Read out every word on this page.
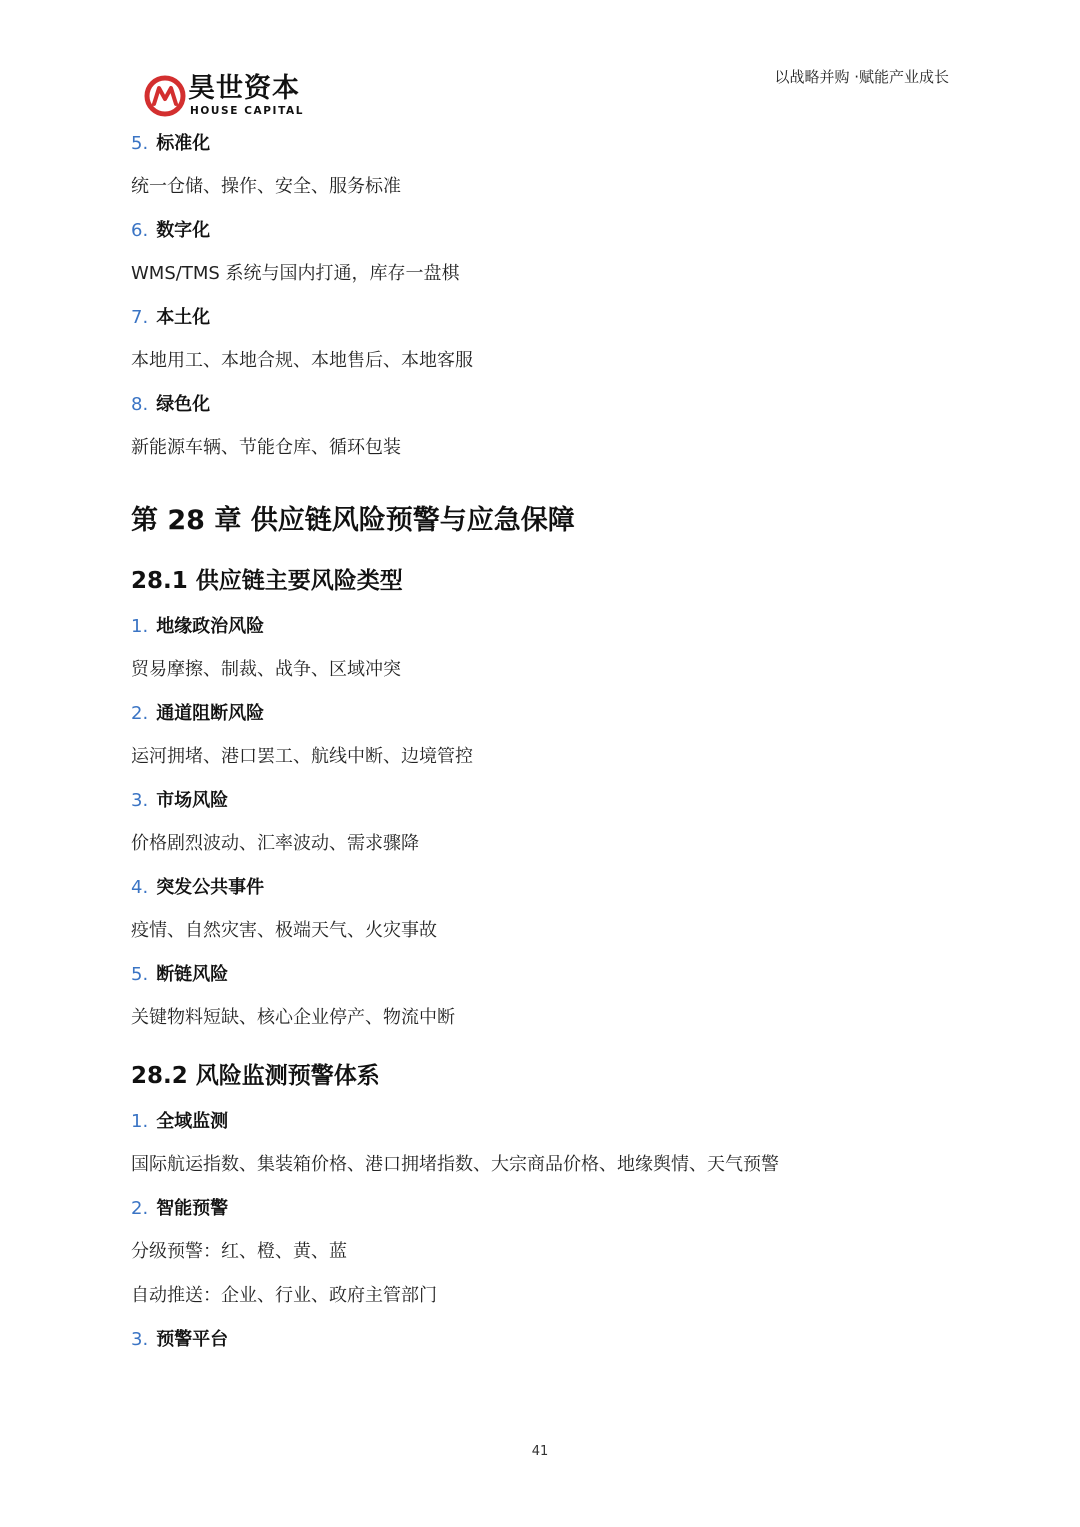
昊世资本
HOUSE CAPITAL
以战略并购 ·赋能产业成长
5. 标准化
统一仓储、操作、安全、服务标准
6. 数字化
WMS/TMS 系统与国内打通，库存一盘棋
7. 本土化
本地用工、本地合规、本地售后、本地客服
8. 绿色化
新能源车辆、节能仓库、循环包装
第 28 章 供应链风险预警与应急保障
28.1 供应链主要风险类型
1. 地缘政治风险
贸易摩擦、制裁、战争、区域冲突
2. 通道阻断风险
运河拥堵、港口罢工、航线中断、边境管控
3. 市场风险
价格剧烈波动、汇率波动、需求骤降
4. 突发公共事件
疫情、自然灾害、极端天气、火灾事故
5. 断链风险
关键物料短缺、核心企业停产、物流中断
28.2 风险监测预警体系
1. 全域监测
国际航运指数、集装箱价格、港口拥堵指数、大宗商品价格、地缘舆情、天气预警
2. 智能预警
分级预警：红、橙、黄、蓝
自动推送：企业、行业、政府主管部门
3. 预警平台
41
